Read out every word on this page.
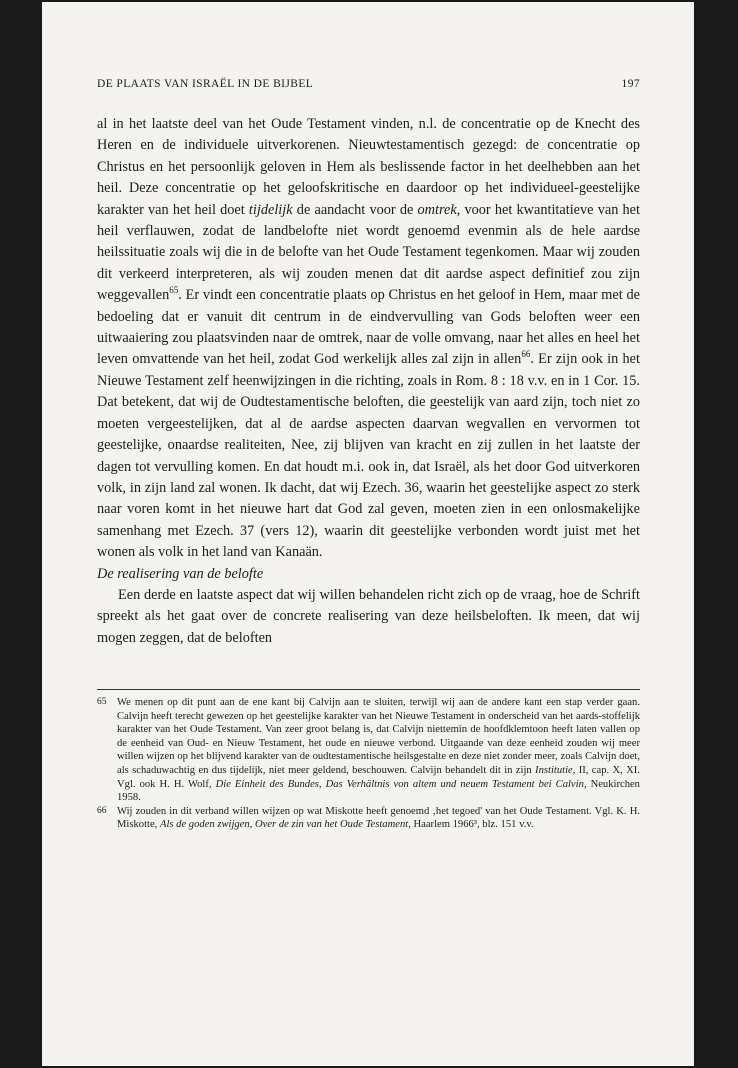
DE PLAATS VAN ISRAËL IN DE BIJBEL	197

al in het laatste deel van het Oude Testament vinden, n.l. de concentratie op de Knecht des Heren en de individuele uitverkorenen. Nieuwtestamentisch gezegd: de concentratie op Christus en het persoonlijk geloven in Hem als beslissende factor in het deelhebben aan het heil. Deze concentratie op het geloofskritische en daardoor op het individueel-geestelijke karakter van het heil doet tijdelijk de aandacht voor de omtrek, voor het kwantitatieve van het heil verflauwen, zodat de landbelofte niet wordt genoemd evenmin als de hele aardse heilssituatie zoals wij die in de belofte van het Oude Testament tegenkomen. Maar wij zouden dit verkeerd interpreteren, als wij zouden menen dat dit aardse aspect definitief zou zijn weggevallen$^{65}$. Er vindt een concentratie plaats op Christus en het geloof in Hem, maar met de bedoeling dat er vanuit dit centrum in de eindvervulling van Gods beloften weer een uitwaaiering zou plaatsvinden naar de omtrek, naar de volle omvang, naar het alles en heel het leven omvattende van het heil, zodat God werkelijk alles zal zijn in allen$^{66}$. Er zijn ook in het Nieuwe Testament zelf heenwijzingen in die richting, zoals in Rom. 8 : 18 v.v. en in 1 Cor. 15. Dat betekent, dat wij de Oudtestamentische beloften, die geestelijk van aard zijn, toch niet zo moeten vergeestelijken, dat al de aardse aspecten daarvan wegvallen en vervormen tot geestelijke, onaardse realiteiten, Nee, zij blijven van kracht en zij zullen in het laatste der dagen tot vervulling komen. En dat houdt m.i. ook in, dat Israël, als het door God uitverkoren volk, in zijn land zal wonen. Ik dacht, dat wij Ezech. 36, waarin het geestelijke aspect zo sterk naar voren komt in het nieuwe hart dat God zal geven, moeten zien in een onlosmakelijke samenhang met Ezech. 37 (vers 12), waarin dit geestelijke verbonden wordt juist met het wonen als volk in het land van Kanaän.

De realisering van de belofte

Een derde en laatste aspect dat wij willen behandelen richt zich op de vraag, hoe de Schrift spreekt als het gaat over de concrete realisering van deze heilsbeloften. Ik meen, dat wij mogen zeggen, dat de beloften

65 We menen op dit punt aan de ene kant bij Calvijn aan te sluiten, terwijl wij aan de andere kant een stap verder gaan. Calvijn heeft terecht gewezen op het geestelijke karakter van het Nieuwe Testament in onderscheid van het aards-stoffelijk karakter van het Oude Testament. Van zeer groot belang is, dat Calvijn niettemin de hoofdklemtoon heeft laten vallen op de eenheid van Oud- en Nieuw Testament, het oude en nieuwe verbond. Uitgaande van deze eenheid zouden wij meer willen wijzen op het blijvend karakter van de oudtestamentische heilsgestalte en deze niet zonder meer, zoals Calvijn doet, als schaduwachtig en dus tijdelijk, niet meer geldend, beschouwen. Calvijn behandelt dit in zijn Institutie, II, cap. X, XI. Vgl. ook H. H. Wolf, Die Einheit des Bundes, Das Verhältnis von altem und neuem Testament bei Calvin, Neukirchen 1958.
66 Wij zouden in dit verband willen wijzen op wat Miskotte heeft genoemd ‚het tegoed' van het Oude Testament. Vgl. K. H. Miskotte, Als de goden zwijgen, Over de zin van het Oude Testament, Haarlem 1966³, blz. 151 v.v.
